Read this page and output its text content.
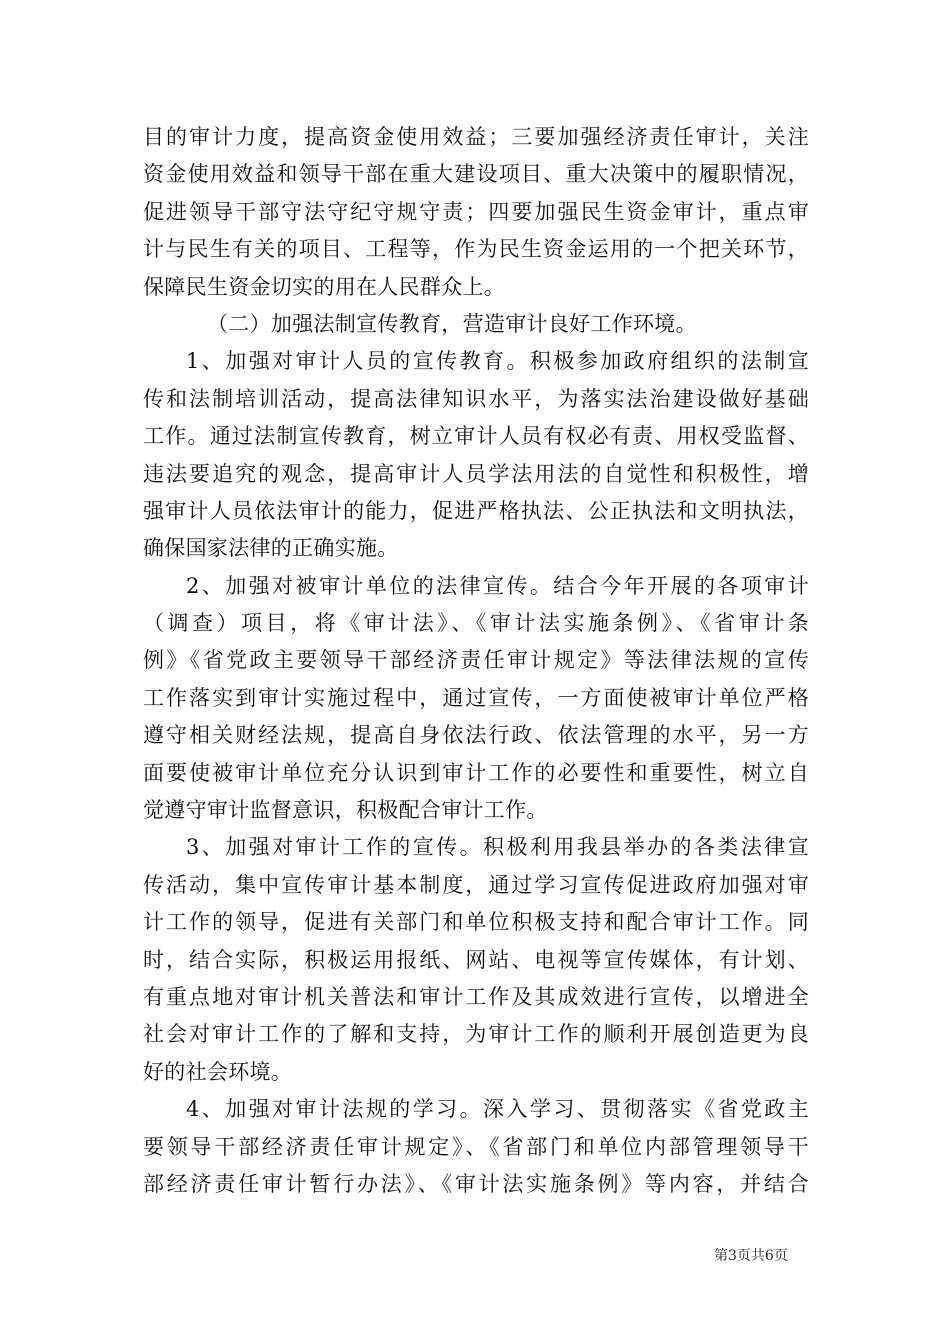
目的审计力度，提高资金使用效益；三要加强经济责任审计，关注
资金使用效益和领导干部在重大建设项目、重大决策中的履职情况，
促进领导干部守法守纪守规守责；四要加强民生资金审计，重点审
计与民生有关的项目、工程等，作为民生资金运用的一个把关环节，
保障民生资金切实的用在人民群众上。
（二）加强法制宣传教育，营造审计良好工作环境。
1、加强对审计人员的宣传教育。积极参加政府组织的法制宣
传和法制培训活动，提高法律知识水平，为落实法治建设做好基础
工作。通过法制宣传教育，树立审计人员有权必有责、用权受监督、
违法要追究的观念，提高审计人员学法用法的自觉性和积极性，增
强审计人员依法审计的能力，促进严格执法、公正执法和文明执法，
确保国家法律的正确实施。
2、加强对被审计单位的法律宣传。结合今年开展的各项审计
（调查）项目，将《审计法》、《审计法实施条例》、《省审计条
例》《省党政主要领导干部经济责任审计规定》等法律法规的宣传
工作落实到审计实施过程中，通过宣传，一方面使被审计单位严格
遵守相关财经法规，提高自身依法行政、依法管理的水平，另一方
面要使被审计单位充分认识到审计工作的必要性和重要性，树立自
觉遵守审计监督意识，积极配合审计工作。
3、加强对审计工作的宣传。积极利用我县举办的各类法律宣
传活动，集中宣传审计基本制度，通过学习宣传促进政府加强对审
计工作的领导，促进有关部门和单位积极支持和配合审计工作。同
时，结合实际，积极运用报纸、网站、电视等宣传媒体，有计划、
有重点地对审计机关普法和审计工作及其成效进行宣传，以增进全
社会对审计工作的了解和支持，为审计工作的顺利开展创造更为良
好的社会环境。
4、加强对审计法规的学习。深入学习、贯彻落实《省党政主
要领导干部经济责任审计规定》、《省部门和单位内部管理领导干
部经济责任审计暂行办法》、《审计法实施条例》等内容，并结合
第3页共6页
